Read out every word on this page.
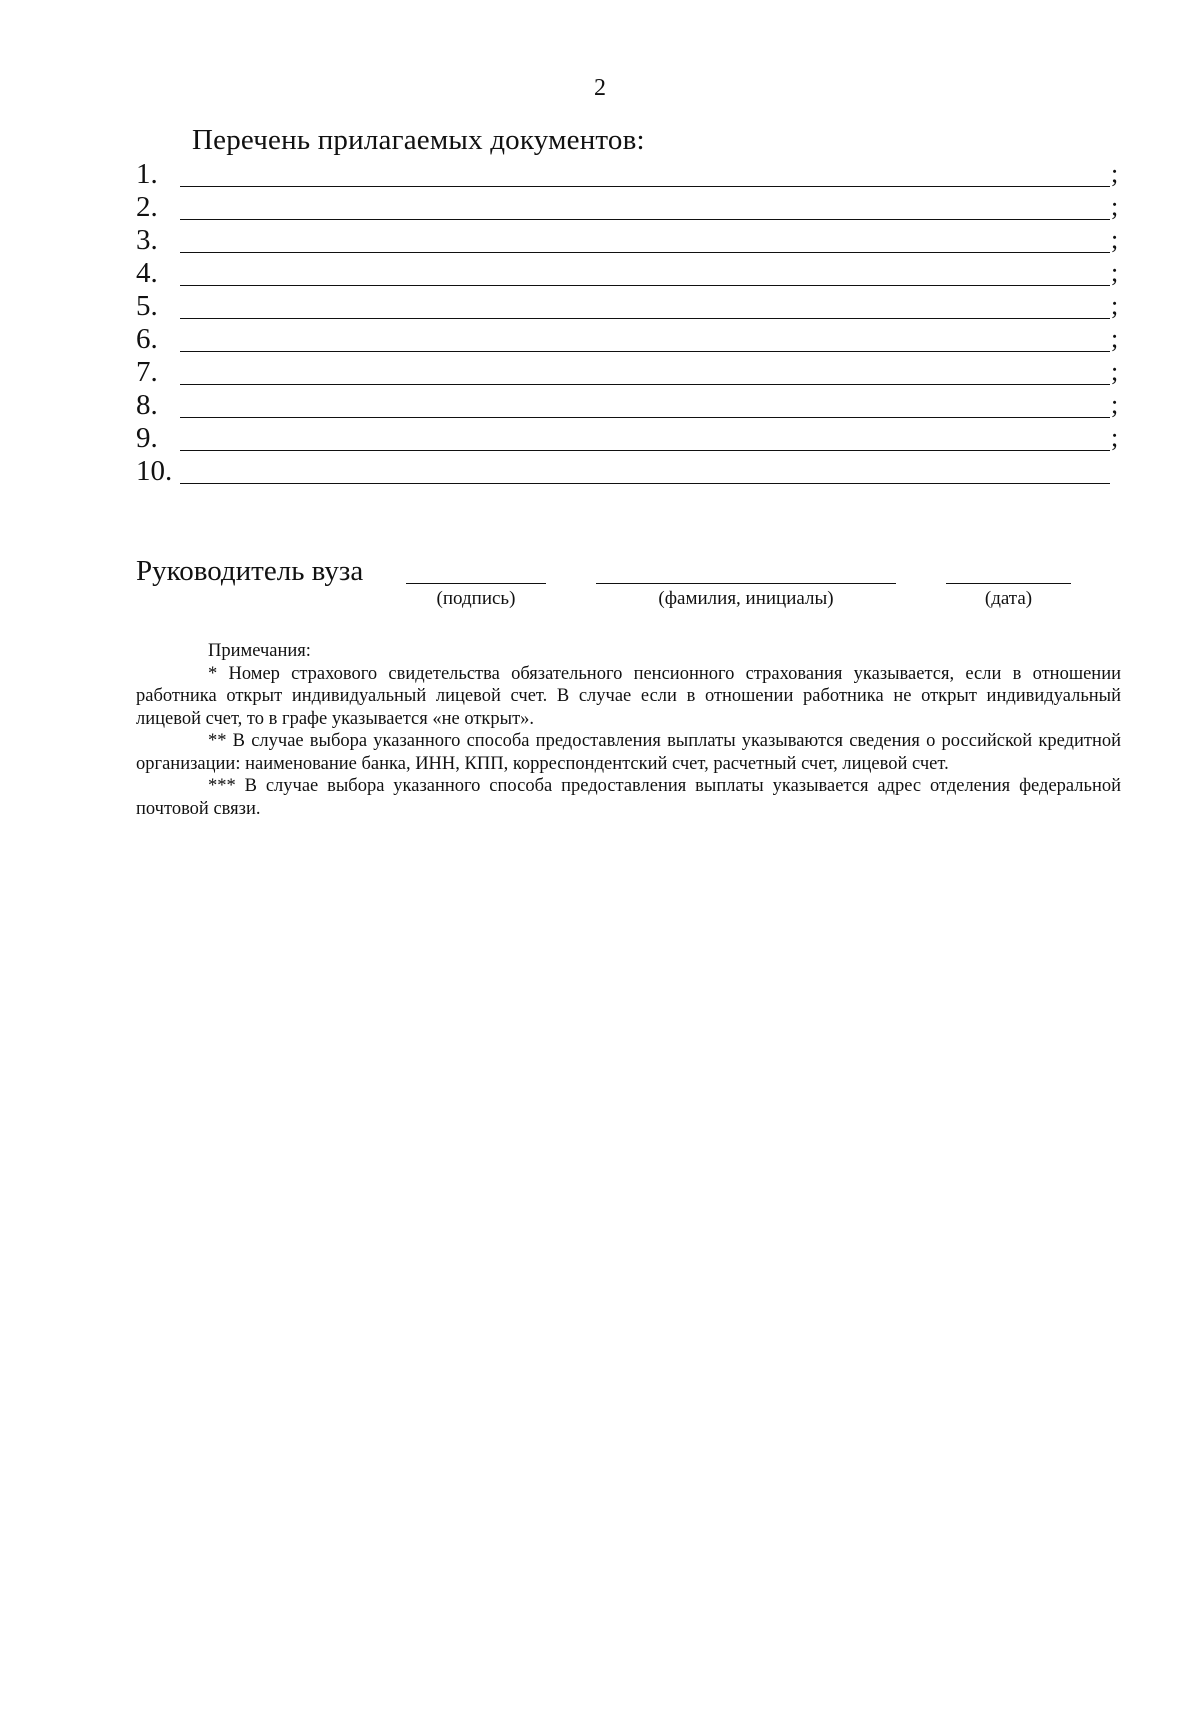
2
Перечень прилагаемых документов:
1.	;
2.	;
3.	;
4.	;
5.	;
6.	;
7.	;
8.	;
9.	;
10.
Руководитель вуза
(подпись)	(фамилия, инициалы)	(дата)
Примечания:

* Номер страхового свидетельства обязательного пенсионного страхования указывается, если в отношении работника открыт индивидуальный лицевой счет. В случае если в отношении работника не открыт индивидуальный лицевой счет, то в графе указывается «не открыт».

** В случае выбора указанного способа предоставления выплаты указываются сведения о российской кредитной организации: наименование банка, ИНН, КПП, корреспондентский счет, расчетный счет, лицевой счет.

*** В случае выбора указанного способа предоставления выплаты указывается адрес отделения федеральной почтовой связи.
